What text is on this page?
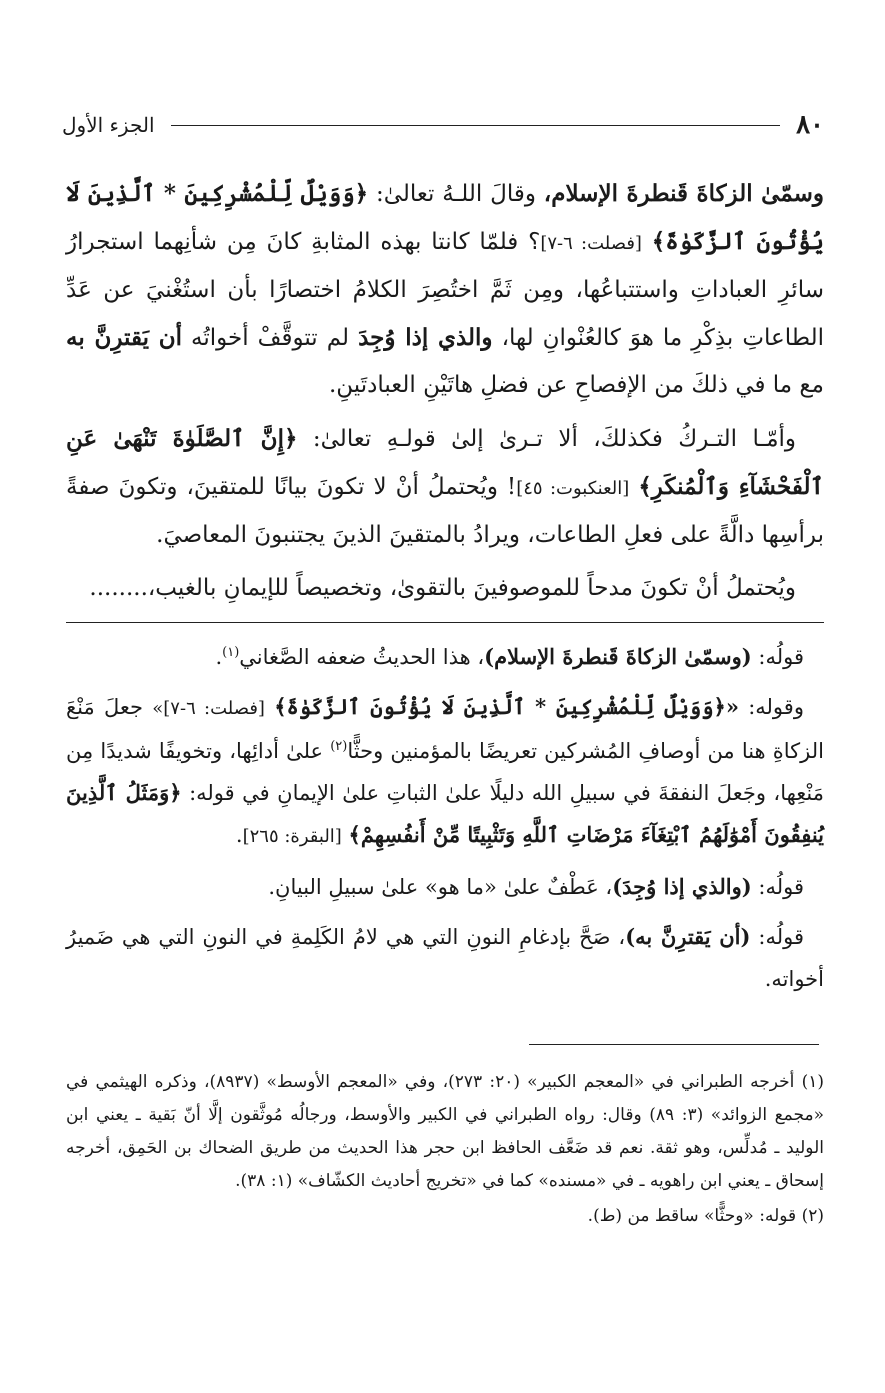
٨٠
الجزء الأول

وسمّىٰ الزكاةَ قَنطرةَ الإسلام، وقالَ اللـهُ تعالىٰ: ﴿وَوَيْلٌ لِّلْمُشْرِكِينَ * ٱلَّذِينَ لَا يُؤْتُونَ ٱلزَّكَوٰةَ﴾ [فصلت: ٦-٧]؟ فلمّا كانتا بهذه المثابةِ كانَ مِن شأنِهما استجرارُ سائرِ العباداتِ واستتباعُها، ومِن ثَمَّ اختُصِرَ الكلامُ اختصارًا بأن استُغْنيَ عن عَدِّ الطاعاتِ بذِكْرِ ما هوَ كالعُنْوانِ لها، والذي إذا وُجِدَ لم تتوقَّفْ أخواتُه أن يَقترِنَّ به مع ما في ذلكَ من الإفصاحِ عن فضلِ هاتَيْنِ العبادتَينِ.

وأمّـا التـركُ فكذلكَ، ألا تـرىٰ إلىٰ قولـهِ تعالىٰ: ﴿إِنَّ ٱلصَّلَوٰةَ تَنْهَىٰ عَنِ ٱلْفَحْشَآءِ وَٱلْمُنكَرِ﴾ [العنكبوت: ٤٥]! ويُحتملُ أنْ لا تكونَ بيانًا للمتقينَ، وتكونَ صفةً برأسِها دالَّةً على فعلِ الطاعات، ويرادُ بالمتقينَ الذينَ يجتنبونَ المعاصيَ.

ويُحتملُ أنْ تكونَ مدحاً للموصوفينَ بالتقوىٰ، وتخصيصاً للإيمانِ بالغيب،........

قولُه: (وسمّىٰ الزكاةَ قَنطرةَ الإسلام)، هذا الحديثُ ضعفه الصَّغاني$^{(١)}$.

وقوله: «﴿وَوَيْلٌ لِّلْمُشْرِكِينَ * ٱلَّذِينَ لَا يُؤْتُونَ ٱلزَّكَوٰةَ﴾ [فصلت: ٦-٧]» جعلَ مَنْعَ الزكاةِ هنا من أوصافِ المُشركين تعريضًا بالمؤمنين وحثًّا$^{(٢)}$ علىٰ أدائِها، وتخويفًا شديدًا مِن مَنْعِها، وجَعلَ النفقةَ في سبيلِ الله دليلًا علىٰ الثباتِ علىٰ الإيمانِ في قوله: ﴿وَمَثَلُ ٱلَّذِينَ يُنفِقُونَ أَمْوَٰلَهُمُ ٱبْتِغَآءَ مَرْضَاتِ ٱللَّهِ وَتَثْبِيتًا مِّنْ أَنفُسِهِمْ﴾ [البقرة: ٢٦٥].

قولُه: (والذي إذا وُجِدَ)، عَطْفٌ علىٰ «ما هو» علىٰ سبيلِ البيانِ.

قولُه: (أن يَقترِنَّ به)، صَحَّ بإدغامِ النونِ التي هي لامُ الكَلِمةِ في النونِ التي هي ضَميرُ أخواته.

(١) أخرجه الطبراني في «المعجم الكبير» (٢٠: ٢٧٣)، وفي «المعجم الأوسط» (٨٩٣٧)، وذكره الهيثمي في «مجمع الزوائد» (٣: ٨٩) وقال: رواه الطبراني في الكبير والأوسط، ورجالُه مُوثَّقون إلَّا أنّ بَقية ـ يعني ابن الوليد ـ مُدلِّس، وهو ثقة. نعم قد ضَعَّف الحافظ ابن حجر هذا الحديث من طريق الضحاك بن الحَمِق، أخرجه إسحاق ـ يعني ابن راهويه ـ في «مسنده» كما في «تخريج أحاديث الكشّاف» (١: ٣٨).

(٢) قوله: «وحثًّا» ساقط من (ط).
